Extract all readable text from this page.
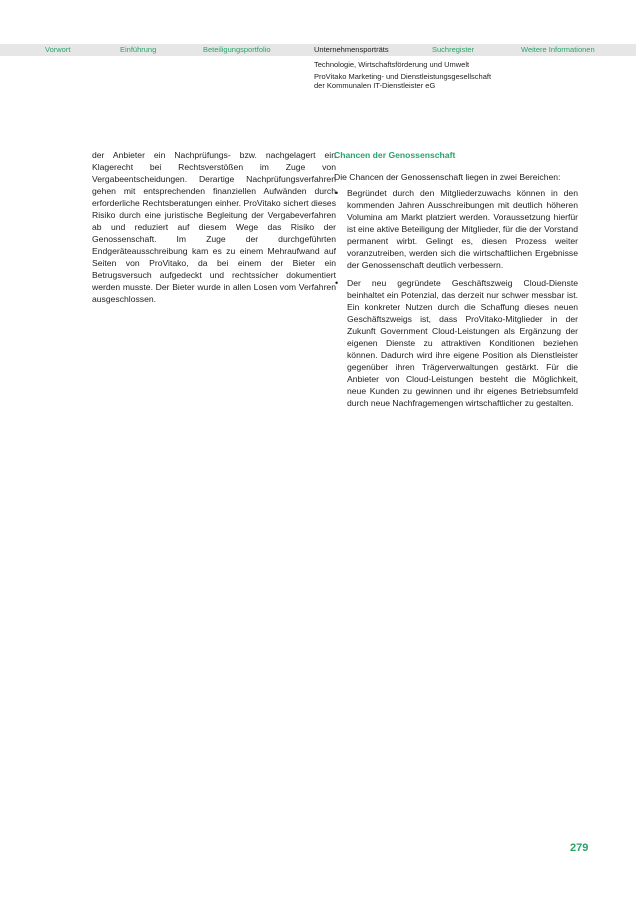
Vorwort	Einführung	Beteiligungsportfolio	Unternehmensporträts	Suchregister	Weitere Informationen
Technologie, Wirtschaftsförderung und Umwelt
ProVitako Marketing- und Dienstleistungsgesellschaft
der Kommunalen IT-Dienstleister eG

der Anbieter ein Nachprüfungs- bzw. nachgelagert ein Klagerecht bei Rechtsverstößen im Zuge von Vergabeentscheidungen. Derartige Nachprüfungsverfahren gehen mit entsprechenden finanziellen Aufwänden durch erforderliche Rechtsberatungen einher. ProVitako sichert dieses Risiko durch eine juristische Begleitung der Vergabeverfahren ab und reduziert auf diesem Wege das Risiko der Genossenschaft. Im Zuge der durchgeführten Endgeräteausschreibung kam es zu einem Mehraufwand auf Seiten von ProVitako, da bei einem der Bieter ein Betrugsversuch aufgedeckt und rechtssicher dokumentiert werden musste. Der Bieter wurde in allen Losen vom Verfahren ausgeschlossen.

Chancen der Genossenschaft

Die Chancen der Genossenschaft liegen in zwei Bereichen:

• Begründet durch den Mitgliederzuwachs können in den kommenden Jahren Ausschreibungen mit deutlich höheren Volumina am Markt platziert werden. Voraussetzung hierfür ist eine aktive Beteiligung der Mitglieder, für die der Vorstand permanent wirbt. Gelingt es, diesen Prozess weiter voranzutreiben, werden sich die wirtschaftlichen Ergebnisse der Genossenschaft deutlich verbessern.
• Der neu gegründete Geschäftszweig Cloud-Dienste beinhaltet ein Potenzial, das derzeit nur schwer messbar ist. Ein konkreter Nutzen durch die Schaffung dieses neuen Geschäftszweigs ist, dass ProVitako-Mitglieder in der Zukunft Government Cloud-Leistungen als Ergänzung der eigenen Dienste zu attraktiven Konditionen beziehen können. Dadurch wird ihre eigene Position als Dienstleister gegenüber ihren Trägerverwaltungen gestärkt. Für die Anbieter von Cloud-Leistungen besteht die Möglichkeit, neue Kunden zu gewinnen und ihr eigenes Betriebsumfeld durch neue Nachfragemengen wirtschaftlicher zu gestalten.
279
